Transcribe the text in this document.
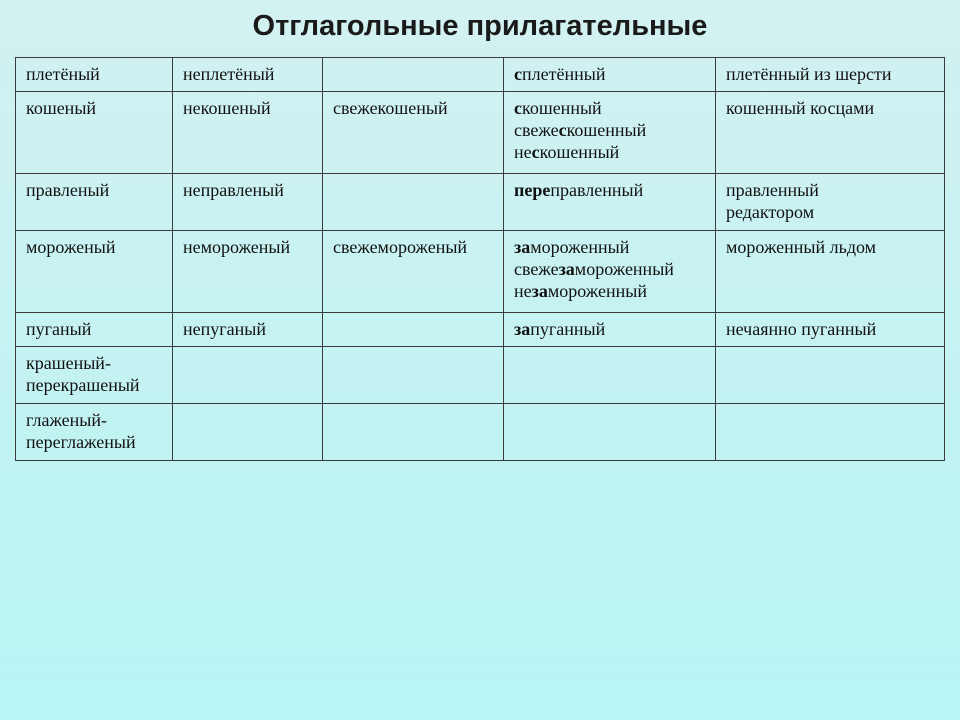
Отглагольные прилагательные
плетёный	неплетёный		сплетённый	плетённый из шерсти

кошеный	некошеный	свежекошеный	скошенный
свежескошенный
нескошенный	кошенный косцами

правленый	неправленый		переправленный	правленный
редактором

мороженый	немороженый	свежемороженый	замороженный
свежезамороженный
незамороженный	мороженный льдом

пуганый	непуганый		запуганный	нечаянно пуганный

крашеный-
перекрашеный				

глаженый-
переглаженый				
